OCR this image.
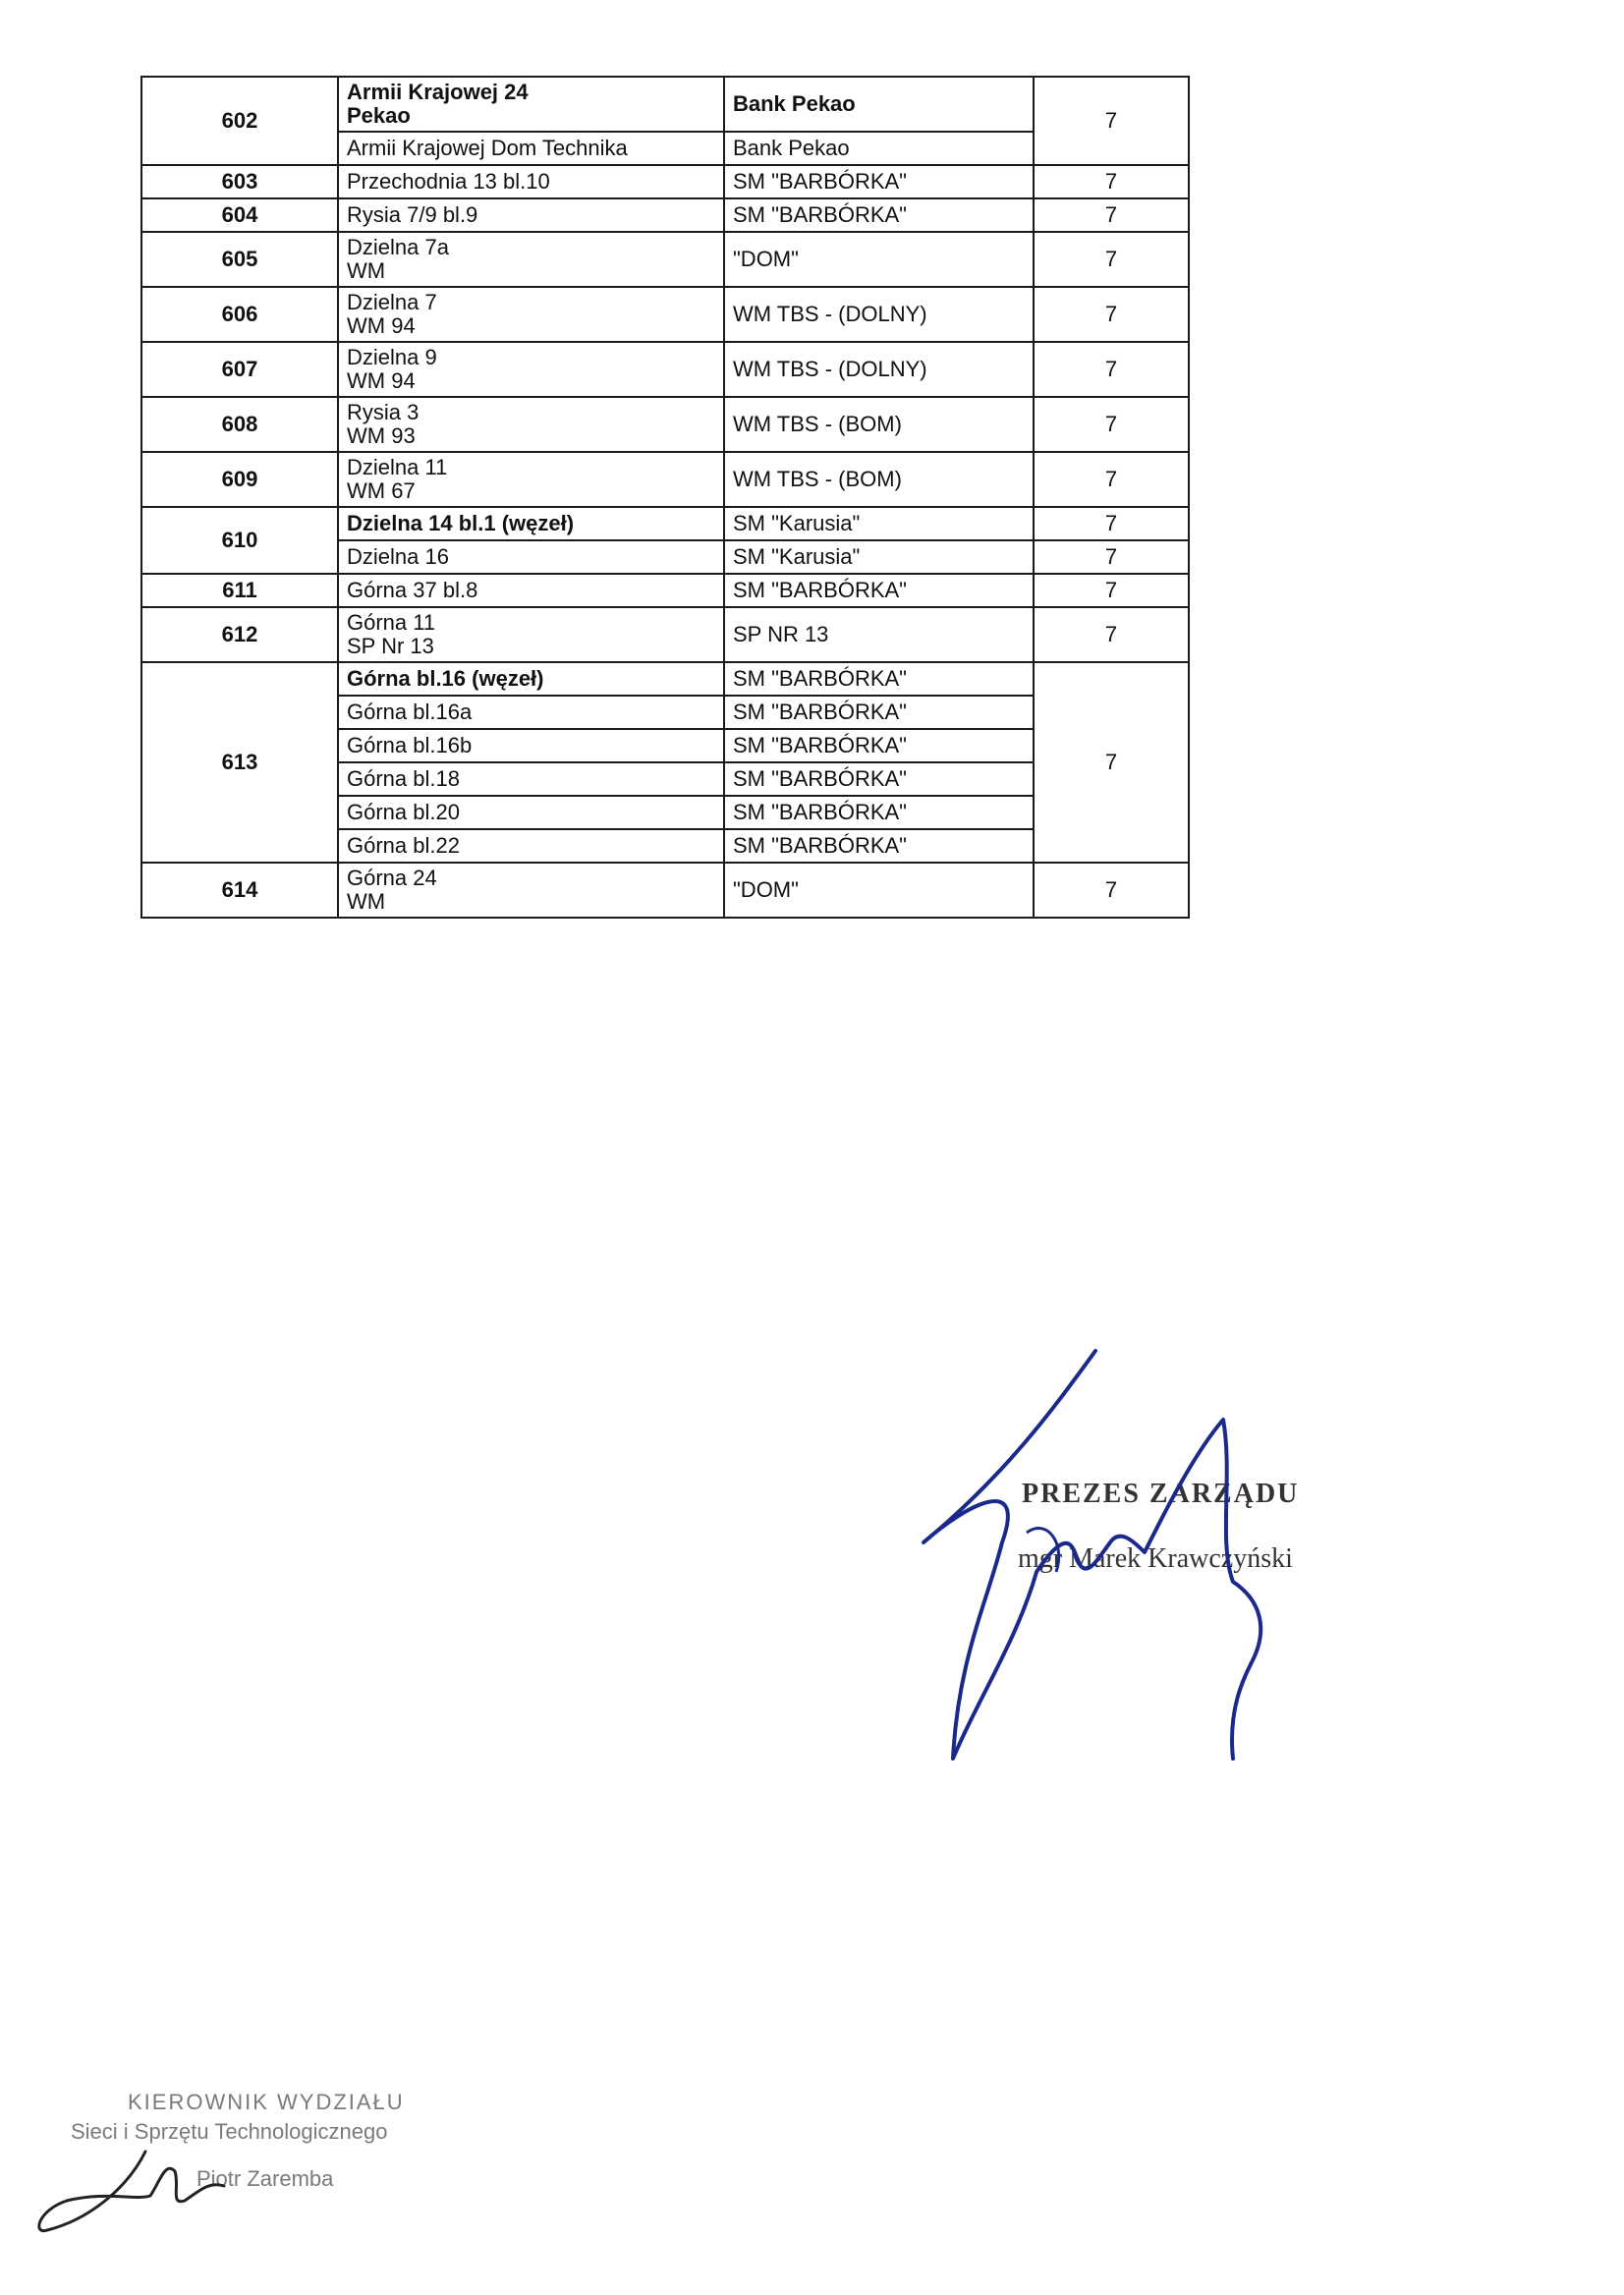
602	Armii Krajowej 24
Pekao	Bank Pekao	7

	Armii Krajowej Dom Technika	Bank Pekao	

603	Przechodnia 13 bl.10	SM "BARBÓRKA"	7
604	Rysia 7/9 bl.9	SM "BARBÓRKA"	7
605	Dzielna 7a
WM	"DOM"	7
606	Dzielna 7
WM 94	WM TBS - (DOLNY)	7
607	Dzielna 9
WM 94	WM TBS - (DOLNY)	7
608	Rysia 3
WM 93	WM TBS - (BOM)	7
609	Dzielna 11
WM 67	WM TBS - (BOM)	7
610	Dzielna 14 bl.1 (węzeł)	SM "Karusia"	7

	Dzielna 16	SM "Karusia"	7
611	Górna 37 bl.8	SM "BARBÓRKA"	7
612	Górna 11
SP Nr 13	SP NR 13	7
613	Górna bl.16 (węzeł)	SM "BARBÓRKA"	7

	Górna bl.16a	SM "BARBÓRKA"	

	Górna bl.16b	SM "BARBÓRKA"	

	Górna bl.18	SM "BARBÓRKA"	

	Górna bl.20	SM "BARBÓRKA"	

	Górna bl.22	SM "BARBÓRKA"	

614	Górna 24
WM	"DOM"	7
PREZES ZARZĄDU
mgr Marek Krawczyński
KIEROWNIK WYDZIAŁU
Sieci i Sprzętu Technologicznego
Piotr Zaremba
